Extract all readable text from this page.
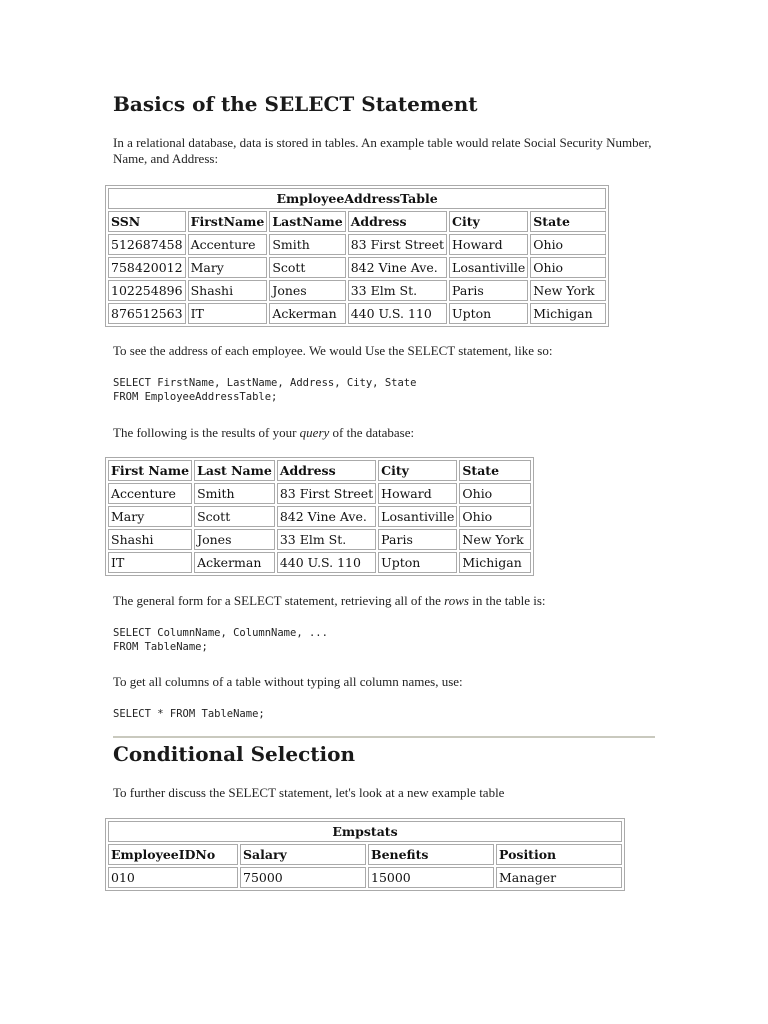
Basics of the SELECT Statement

In a relational database, data is stored in tables. An example table would relate Social Security Number, Name, and Address:

EmployeeAddressTable					
SSN	FirstName	LastName	Address	City	State
512687458	Accenture	Smith	83 First Street	Howard	Ohio
758420012	Mary	Scott	842 Vine Ave.	Losantiville	Ohio
102254896	Shashi	Jones	33 Elm St.	Paris	New York
876512563	IT	Ackerman	440 U.S. 110	Upton	Michigan

To see the address of each employee. We would Use the SELECT statement, like so:

SELECT FirstName, LastName, Address, City, State
FROM EmployeeAddressTable;

The following is the results of your query of the database:

First Name	Last Name	Address	City	State
Accenture	Smith	83 First Street	Howard	Ohio
Mary	Scott	842 Vine Ave.	Losantiville	Ohio
Shashi	Jones	33 Elm St.	Paris	New York
IT	Ackerman	440 U.S. 110	Upton	Michigan

The general form for a SELECT statement, retrieving all of the rows in the table is:

SELECT ColumnName, ColumnName, ...
FROM TableName;

To get all columns of a table without typing all column names, use:

SELECT * FROM TableName;
Conditional Selection

To further discuss the SELECT statement, let's look at a new example table

Empstats			
EmployeeIDNo	Salary	Benefits	Position
010	75000	15000	Manager
